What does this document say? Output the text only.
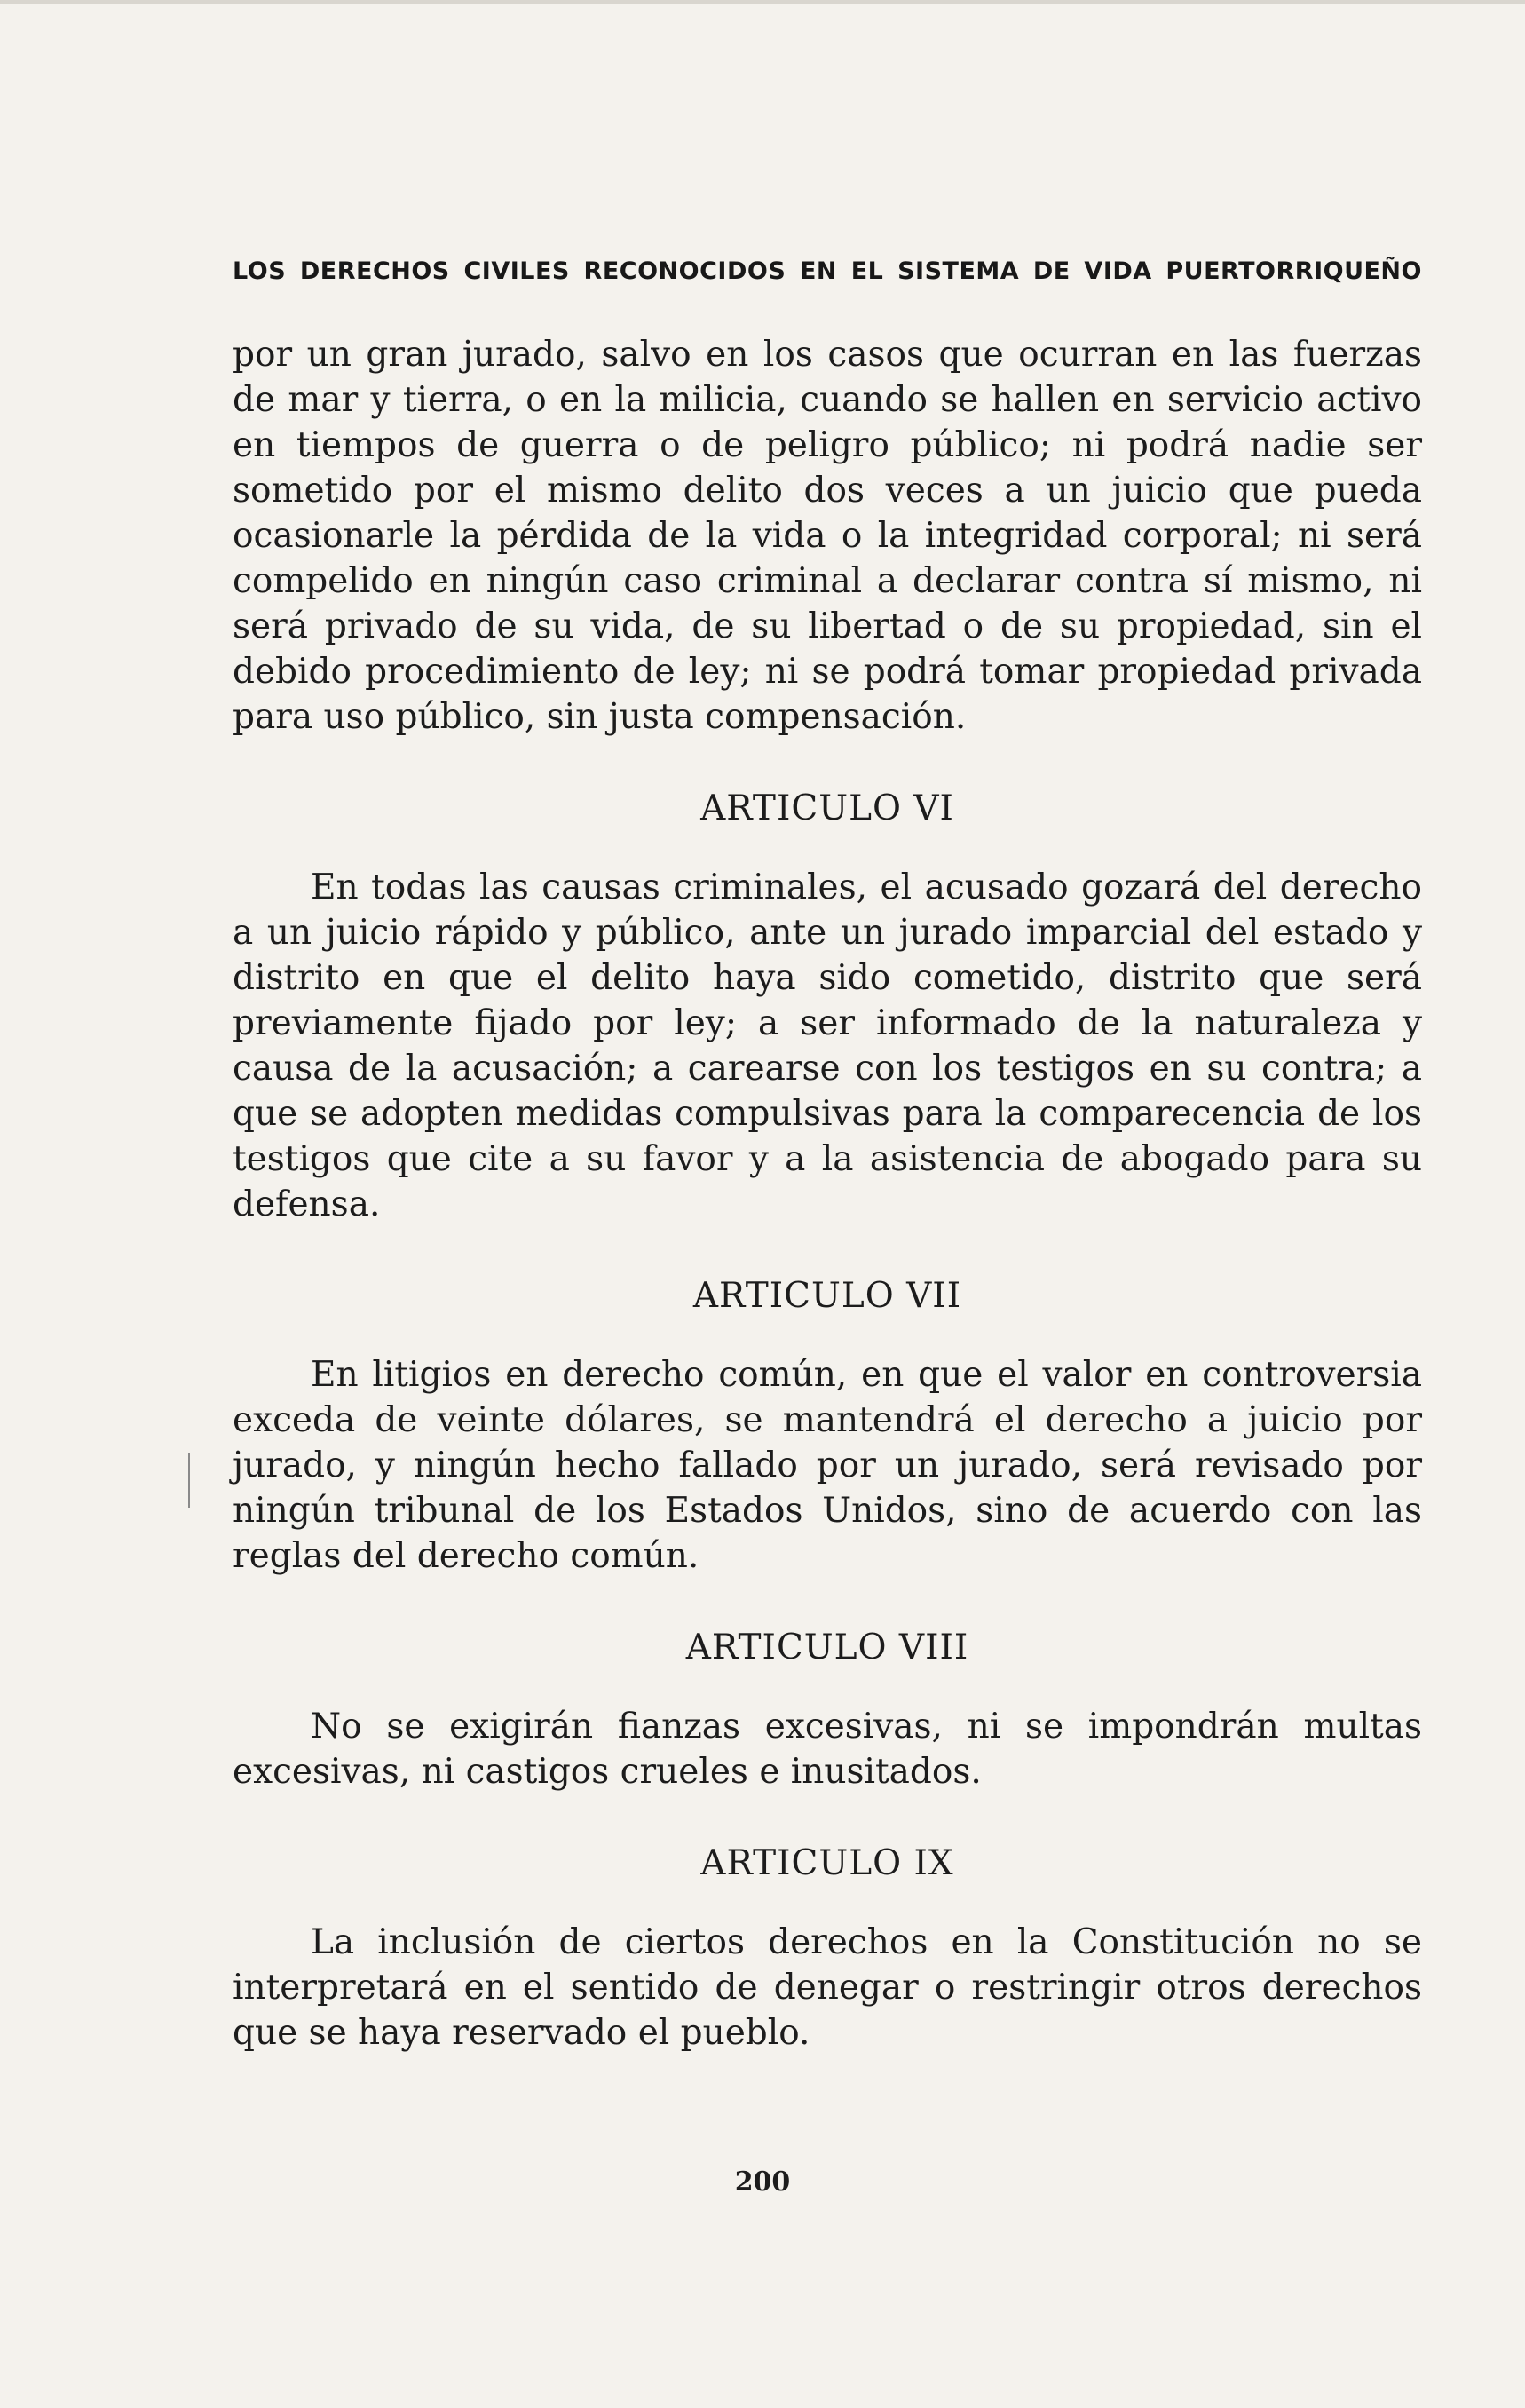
LOS DERECHOS CIVILES RECONOCIDOS EN EL SISTEMA DE VIDA PUERTORRIQUEÑO

por un gran jurado, salvo en los casos que ocurran en las fuerzas de mar y tierra, o en la milicia, cuando se hallen en servicio activo en tiempos de guerra o de peligro público; ni podrá nadie ser sometido por el mismo delito dos veces a un juicio que pueda ocasionarle la pérdida de la vida o la integridad corporal; ni será compelido en ningún caso criminal a declarar contra sí mismo, ni será privado de su vida, de su libertad o de su propiedad, sin el debido procedimiento de ley; ni se podrá tomar propiedad privada para uso público, sin justa compensación.

ARTICULO VI

En todas las causas criminales, el acusado gozará del derecho a un juicio rápido y público, ante un jurado imparcial del estado y distrito en que el delito haya sido cometido, distrito que será previamente fijado por ley; a ser informado de la naturaleza y causa de la acusación; a carearse con los testigos en su contra; a que se adopten medidas compulsivas para la comparecencia de los testigos que cite a su favor y a la asistencia de abogado para su defensa.

ARTICULO VII

En litigios en derecho común, en que el valor en controversia exceda de veinte dólares, se mantendrá el derecho a juicio por jurado, y ningún hecho fallado por un jurado, será revisado por ningún tribunal de los Estados Unidos, sino de acuerdo con las reglas del derecho común.

ARTICULO VIII

No se exigirán fianzas excesivas, ni se impondrán multas excesivas, ni castigos crueles e inusitados.

ARTICULO IX

La inclusión de ciertos derechos en la Constitución no se interpretará en el sentido de denegar o restringir otros derechos que se haya reservado el pueblo.

200
